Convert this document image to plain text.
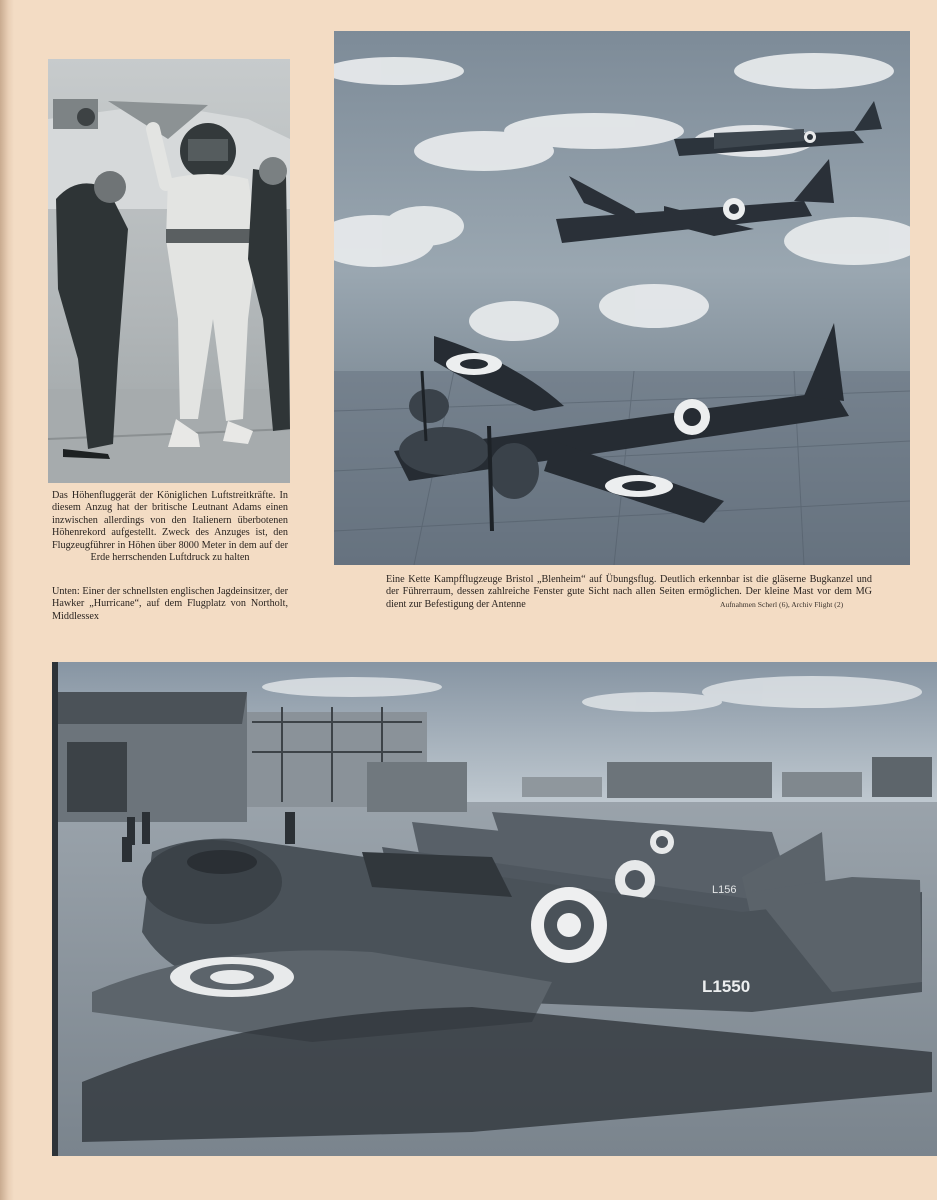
Das Höhenfluggerät der Königlichen Luftstreitkräfte. In diesem Anzug hat der britische Leutnant Adams einen inzwischen allerdings von den Italienern überbotenen Höhenrekord aufgestellt. Zweck des Anzuges ist, den Flugzeugführer in Höhen über 8000 Meter in dem auf der Erde herrschenden Luftdruck zu halten

Unten: Einer der schnellsten englischen Jagdeinsitzer, der Hawker „Hurricane“, auf dem Flugplatz von Northolt, Middlessex

Eine Kette Kampfflugzeuge Bristol „Blenheim“ auf Übungsflug. Deutlich erkennbar ist die gläserne Bugkanzel und der Führerraum, dessen zahlreiche Fenster gute Sicht nach allen Seiten ermöglichen. Der kleine Mast vor dem MG dient zur Befestigung der Antenne	Aufnahmen Scherl (6), Archiv Flight (2)
L156
L1550
